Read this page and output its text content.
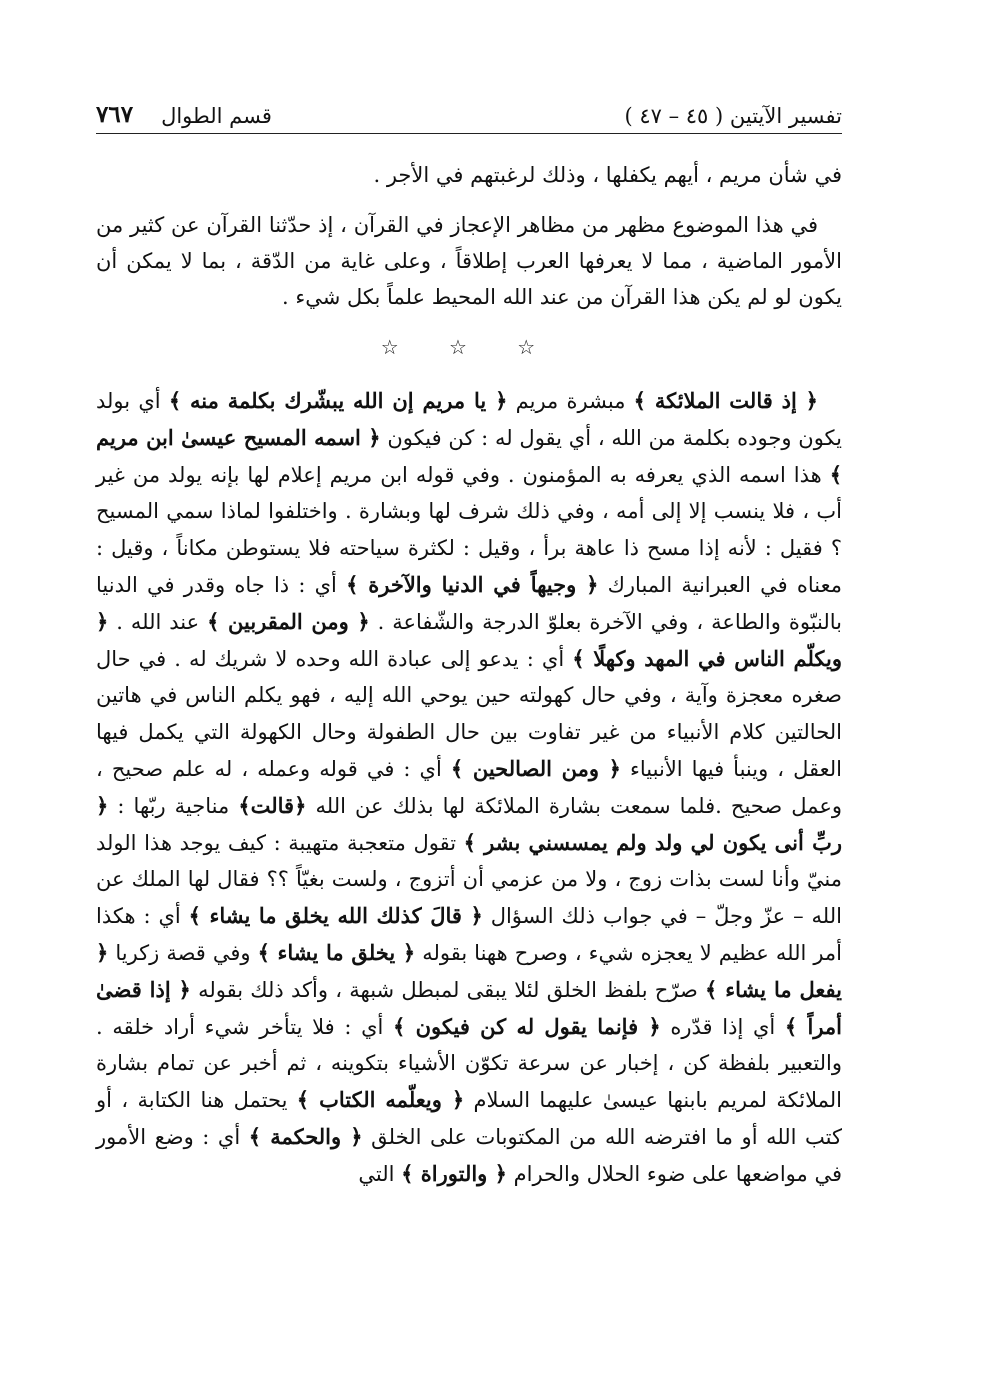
تفسير الآيتين ( ٤٥ – ٤٧ )
قسم الطوال
٧٦٧

في شأن مريم ، أيهم يكفلها ، وذلك لرغبتهم في الأجر .

في هذا الموضوع مظهر من مظاهر الإعجاز في القرآن ، إذ حدّثنا القرآن عن كثير من الأمور الماضية ، مما لا يعرفها العرب إطلاقاً ، وعلى غاية من الدّقة ، بما لا يمكن أن يكون لو لم يكن هذا القرآن من عند الله المحيط علماً بكل شيء .

☆ ☆ ☆

﴿ إذ قالت الملائكة ﴾ مبشرة مريم ﴿ يا مريم إن الله يبشّرك بكلمة منه ﴾ أي بولد يكون وجوده بكلمة من الله ، أي يقول له : كن فيكون ﴿ اسمه المسيح عيسىٰ ابن مريم ﴾ هذا اسمه الذي يعرفه به المؤمنون . وفي قوله ابن مريم إعلام لها بإنه يولد من غير أب ، فلا ينسب إلا إلى أمه ، وفي ذلك شرف لها وبشارة . واختلفوا لماذا سمي المسيح ؟ فقيل : لأنه إذا مسح ذا عاهة برأ ، وقيل : لكثرة سياحته فلا يستوطن مكاناً ، وقيل : معناه في العبرانية المبارك ﴿ وجيهاً في الدنيا والآخرة ﴾ أي : ذا جاه وقدر في الدنيا بالنبّوة والطاعة ، وفي الآخرة بعلوّ الدرجة والشّفاعة . ﴿ ومن المقربين ﴾ عند الله . ﴿ ويكلّم الناس في المهد وكهلًا ﴾ أي : يدعو إلى عبادة الله وحده لا شريك له . في حال صغره معجزة وآية ، وفي حال كهولته حين يوحي الله إليه ، فهو يكلم الناس في هاتين الحالتين كلام الأنبياء من غير تفاوت بين حال الطفولة وحال الكهولة التي يكمل فيها العقل ، وينبأ فيها الأنبياء ﴿ ومن الصالحين ﴾ أي : في قوله وعمله ، له علم صحيح ، وعمل صحيح .فلما سمعت بشارة الملائكة لها بذلك عن الله ﴿قالت﴾ مناجية ربّها : ﴿ ربِّ أنى يكون لي ولد ولم يمسسني بشر ﴾ تقول متعجبة متهيبة : كيف يوجد هذا الولد منيّ وأنا لست بذات زوج ، ولا من عزمي أن أتزوج ، ولست بغيّاً ؟؟ فقال لها الملك عن الله – عزّ وجلّ – في جواب ذلك السؤال ﴿ قالَ كذلك الله يخلق ما يشاء ﴾ أي : هكذا أمر الله عظيم لا يعجزه شيء ، وصرح ههنا بقوله ﴿ يخلق ما يشاء ﴾ وفي قصة زكريا ﴿ يفعل ما يشاء ﴾ صرّح بلفظ الخلق لئلا يبقى لمبطل شبهة ، وأكد ذلك بقوله ﴿ إذا قضىٰ أمراً ﴾ أي إذا قدّره ﴿ فإنما يقول له كن فيكون ﴾ أي : فلا يتأخر شيء أراد خلقه . والتعبير بلفظة كن ، إخبار عن سرعة تكوّن الأشياء بتكوينه ، ثم أخبر عن تمام بشارة الملائكة لمريم بابنها عيسىٰ عليهما السلام ﴿ ويعلّمه الكتاب ﴾ يحتمل هنا الكتابة ، أو كتب الله أو ما افترضه الله من المكتوبات على الخلق ﴿ والحكمة ﴾ أي : وضع الأمور في مواضعها على ضوء الحلال والحرام ﴿ والتوراة ﴾ التي
